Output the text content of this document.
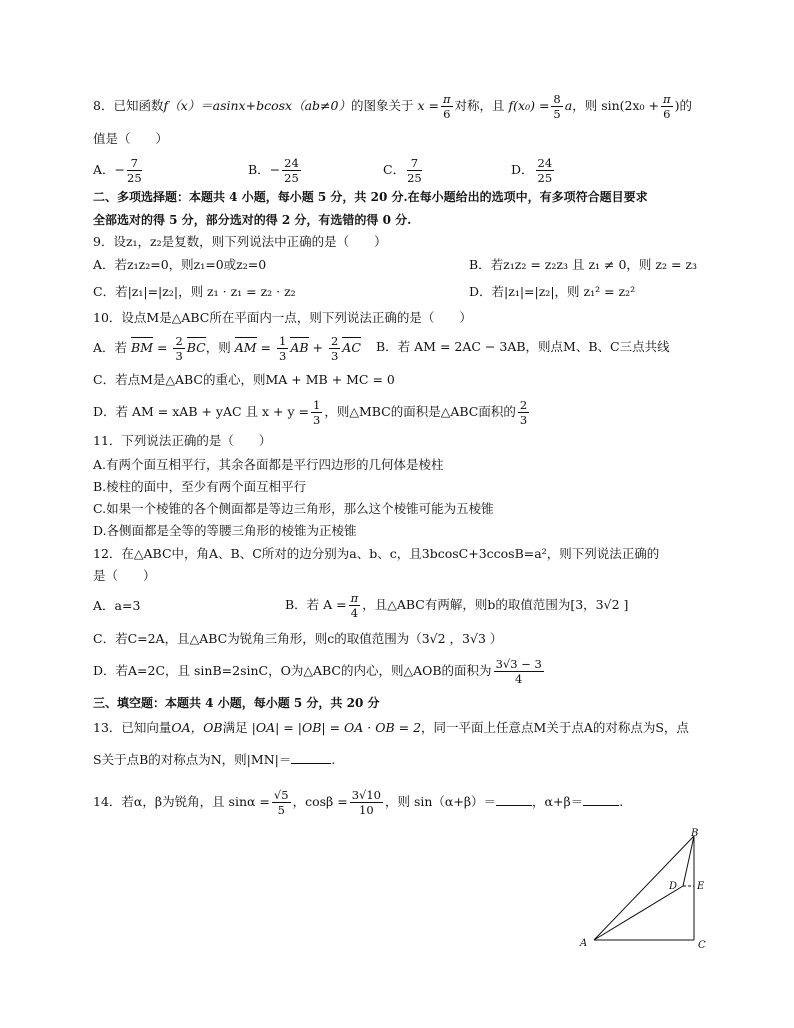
8．已知函数f（x）＝asinx+bcosx（ab≠0）的图象关于 $x = \frac{\pi}{6}$ 对称，且 $f(x_0) = \frac{8}{5}$ a，则 $\sin(2x_0 + \frac{\pi}{6}$ )的
值是（　　）
A．− $\frac{7}{25}$	B．− $\frac{24}{25}$	C． $\frac{7}{25}$	D． $\frac{24}{25}$
二、多项选择题：本题共 4 小题，每小题 5 分，共 20 分.在每小题给出的选项中，有多项符合题目要求
全部选对的得 5 分，部分选对的得 2 分，有选错的得 0 分.
9．设z₁，z₂是复数，则下列说法中正确的是（　　）
A．若z₁z₂=0，则z₁=0或z₂=0	B．若z₁z₂ = z₂z₃ 且 z₁ ≠ 0，则 z₂ = z₃
C．若|z₁|=|z₂|，则 z₁ · z₁ = z₂ · z₂	D．若|z₁|=|z₂|，则 z₁² = z₂²
10．设点M是△ABC所在平面内一点，则下列说法正确的是（　　）
A．若 BM = $\frac{2}{3}$ BC，则 AM = $\frac{1}{3}$ AB + $\frac{2}{3}$ AC B．若 AM = 2AC − 3AB，则点M、B、C三点共线
C．若点M是△ABC的重心，则MA + MB + MC = 0
D．若 AM = xAB + yAC 且 $x + y = \frac{1}{3}$ ，则△MBC的面积是△ABC面积的 $\frac{2}{3}$
11．下列说法正确的是（　　）
A.有两个面互相平行，其余各面都是平行四边形的几何体是棱柱
B.棱柱的面中，至少有两个面互相平行
C.如果一个棱锥的各个侧面都是等边三角形，那么这个棱锥可能为五棱锥
D.各侧面都是全等的等腰三角形的棱锥为正棱锥
12．在△ABC中，角A、B、C所对的边分别为a、b、c，且3bcosC+3ccosB=a²，则下列说法正确的
是（　　）
A．a=3	B．若 $A = \frac{\pi}{4}$ ，且△ABC有两解，则b的取值范围为[3，3√2 ]
C．若C=2A，且△ABC为锐角三角形，则c的取值范围为（3√2 ，3√3 ）
D．若A=2C，且 sinB=2sinC，O为△ABC的内心，则△AOB的面积为 $\frac{3√3 - 3}{4}$
三、填空题：本题共 4 小题，每小题 5 分，共 20 分
13．已知向量OA，OB满足 |OA| = |OB| = OA · OB = 2，同一平面上任意点M关于点A的对称点为S，点
S关于点B的对称点为N，则|MN|＝	.
14．若α，β为锐角，且 $\sin\alpha = \frac{√5}{5}$ ，$\cos\beta = \frac{3√10}{10}$ ，则 sin（α+β）＝	，α+β＝	.
A
B
C
D E
